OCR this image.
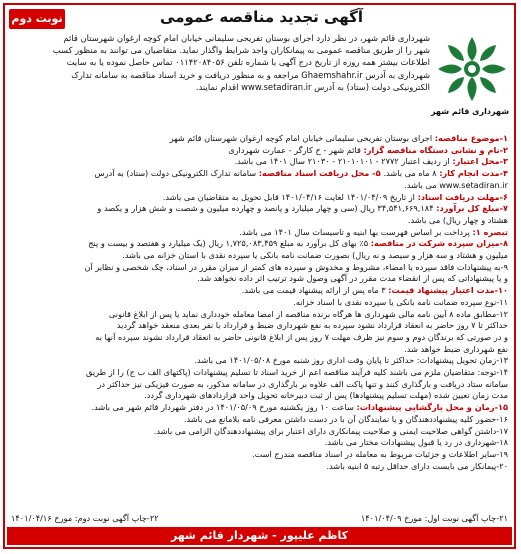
نوبت دوم	آگهی تجدید مناقصه عمومی
شهرداری قائم شهر
شهرداری قائم شهر، در نظر دارد اجرای بوستان تفریحی سلیمانی خیابان امام کوچه ارغوان شهرستان قائم
شهر را از طریق مناقصه عمومی به پیمانکاران واجد شرایط واگذار نماید. متقاضیان می توانند به منظور کسب
اطلاعات بیشتر همه روزه از تاریخ درج آگهی با شماره تلفن ۰۱۱۴۲۰۸۴۰۵۶ تماس حاصل نموده یا به سایت
شهرداری به آدرس Ghaemshahr.ir مراجعه و به منظور دریافت و خرید اسناد مناقصه به سامانه تدارک
الکترونیکی دولت (ستاد) به آدرس www.setadiran.ir اقدام نمایند.

۱-موضوع مناقصه: اجرای بوستان تفریحی سلیمانی خیابان امام کوچه ارغوان شهرستان قائم شهر

۲-نام و نشانی دستگاه مناقصه گزار: قائم شهر - خ کارگر - عمارت شهرداری

۳-محل اعتبار: از ردیف اعتبار ۲۷۷۲ - ۲۱۰۱۰۱۰۱ - ۲۱۰۳۰ سال ۱۴۰۱ می باشد.

۴-مدت انجام کار: ۸ ماه می باشد. ۵- محل دریافت اسناد مناقصه: سامانه تدارک الکترونیکی دولت (ستاد) به آدرس

www.setadiran.ir می باشد.

۶-مهلت دریافت اسناد: از تاریخ ۱۴۰۱/۰۴/۰۹ لغایت ۱۴۰۱/۰۴/۱۶ قابل تحویل به متقاضیان می باشد.

۷-مبلغ کل برآورد: ۳۴,۵۴۱,۶۶۹,۱۸۴ ریال (سی و چهار میلیارد و پانصد و چهارده میلیون و شصت و شش هزار و یکصد و

هشتاد و چهار ریال) می باشد.

تبصره ۱: پرداخت بر اساس فهرست بها ابنیه و تاسیسات سال ۱۴۰۱ می باشد.

۸-میزان سپرده شرکت در مناقصه: ۵٪ بهای کل برآورد به مبلغ ۱,۷۲۵,۰۸۳,۴۵۹ ریال (یک میلیارد و هفتصد و بیست و پنج

میلیون و هشتاد و سه هزار و سیصد و نه ریال) بصورت ضمانت نامه بانکی یا سپرده نقدی با استان خزانه می باشد.

۹-به پیشنهادات فاقد سپرده یا امضاء، مشروط و مخدوش و سپرده های کمتر از میزان مقرر در اسناد، چک شخصی و نظایر آن

و یا پیشنهاداتی که پس از انقضاء مدت مقرر در آگهی وصول شود ترتیب اثر داده نخواهد شد.

۱۰-مدت اعتبار پیشنهاد قیمت: ۳ ماه پس از ارائه پیشنهاد قیمت می باشد.

۱۱-نوع سپرده ضمانت نامه بانکی یا سپرده نقدی با اسناد خزانه.

۱۲-مطابق ماده ۸ آیین نامه مالی شهرداری ها هرگاه برنده مناقصه از امضا معامله خودداری نماید یا پس از ابلاغ قانونی

حداکثر تا ۷ روز حاضر به انعقاد قرارداد نشود سپرده به نفع شهرداری ضبط و قرارداد با نفر بعدی منعقد خواهد گردید

و در صورتی که برندگان دوم و سوم نیز ظرف مهلت ۷ روز پس از ابلاغ قانونی حاضر به انعقاد قرارداد نشوند سپرده آنها به

نفع شهرداری ضبط خواهد شد.

۱۳-زمان تحویل پیشنهادات: حداکثر تا پایان وقت اداری روز شنبه مورخ ۱۴۰۱/۰۵/۰۸ می باشد.

۱۴-توجه: متقاضیان ملزم می باشند کلیه فرآیند مناقصه اعم از خرید اسناد تا تسلیم پیشنهادات (پاکتهای الف ب ج) را از طریق

سامانه ستاد دریافت و بارگذاری کنند و تنها پاکت الف علاوه بر بارگذاری در سامانه مذکور، به صورت فیزیکی نیز حداکثر در

مدت زمان تعیین شده (مهلت تسلیم پیشنهادها) پس از ثبت دبیرخانه تحویل واحد قراردادهای شهرداری گردد.

۱۵-زمان و محل بازگشایی پیشنهادات: ساعت ۱۰ روز یکشنبه مورخ ۱۴۰۱/۰۵/۰۹ در دفتر شهردار قائم شهر می باشد.

۱۶-حضور کلیه پیشنهاددهندگان و یا نمایندگان آن با در دست داشتن معرفی نامه بلامانع می باشد.

۱۷-داشتن گواهی صلاحیت ایمنی و صلاحیت پیمانکاری دارای اعتبار برای پیشنهاددهندگان الزامی می باشد.

۱۸-شهرداری در رد یا قبول پیشنهادات مختار می باشد.

۱۹-سایر اطلاعات و جزئیات مربوط به معامله در اسناد مناقصه مندرج است.

۲۰-پیمانکار می بایست دارای حداقل رتبه ۵ ابنیه باشد.

۲۱-چاپ آگهی نوبت اول: مورخ ۱۴۰۱/۰۴/۰۹
۲۲-چاپ آگهی نوبت دوم: مورخ ۱۴۰۱/۰۴/۱۶
کاظم علیپور - شهردار قائم شهر
